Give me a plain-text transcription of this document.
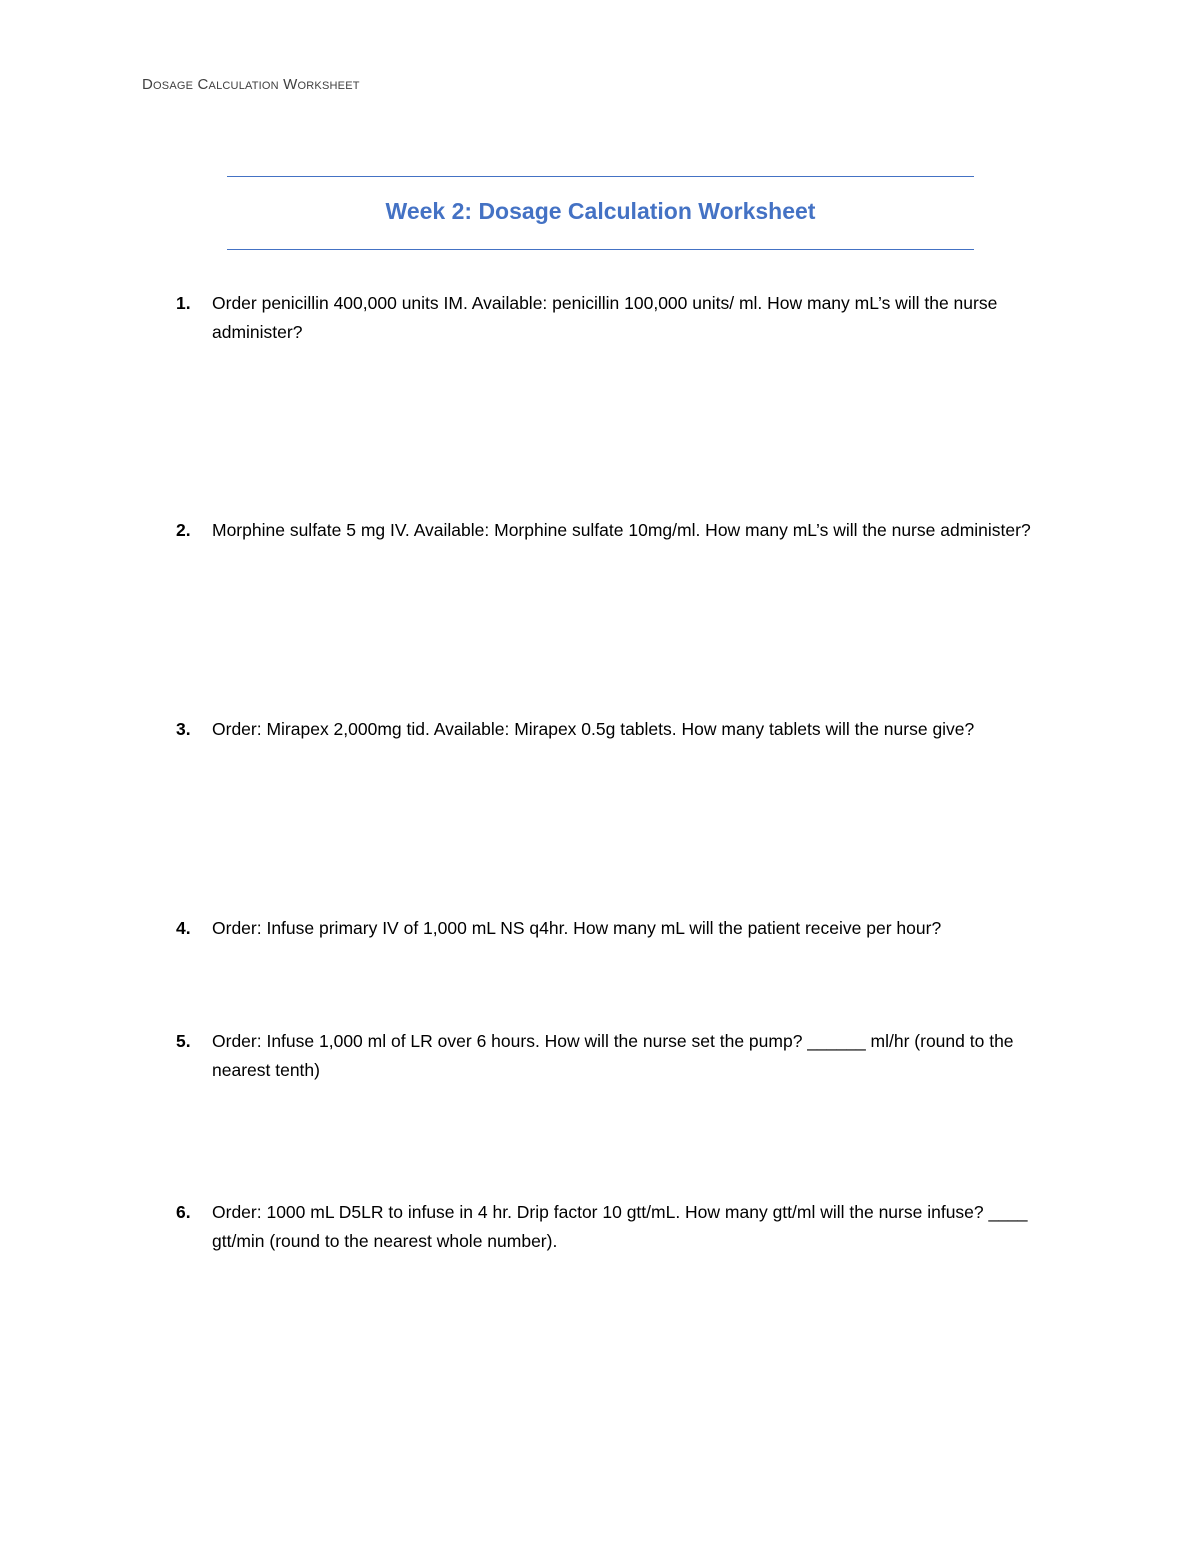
Dosage Calculation Worksheet
Week 2: Dosage Calculation Worksheet
1. Order penicillin 400,000 units IM. Available: penicillin 100,000 units/ ml. How many mL’s will the nurse administer?
2. Morphine sulfate 5 mg IV. Available: Morphine sulfate 10mg/ml. How many mL’s will the nurse administer?
3. Order: Mirapex 2,000mg tid. Available: Mirapex 0.5g tablets. How many tablets will the nurse give?
4. Order: Infuse primary IV of 1,000 mL NS q4hr. How many mL will the patient receive per hour?
5. Order: Infuse 1,000 ml of LR over 6 hours. How will the nurse set the pump? ______ ml/hr (round to the nearest tenth)
6. Order: 1000 mL D5LR to infuse in 4 hr. Drip factor 10 gtt/mL. How many gtt/ml will the nurse infuse? ____ gtt/min (round to the nearest whole number).
